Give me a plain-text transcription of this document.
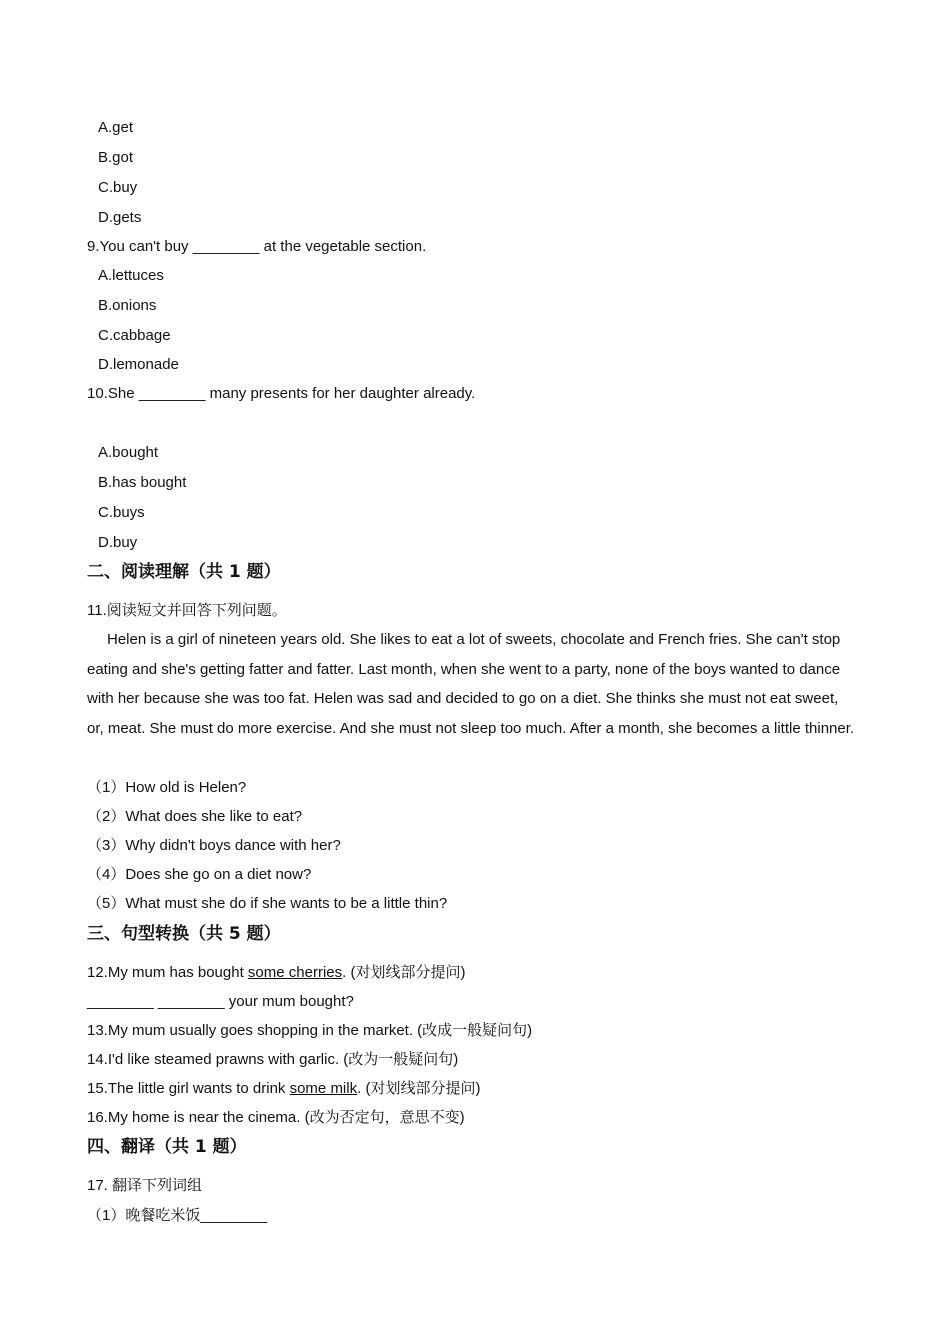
A.get
B.got
C.buy
D.gets
9.You can't buy ________ at the vegetable section.
A.lettuces
B.onions
C.cabbage
D.lemonade
10.She ________ many presents for her daughter already.
A.bought
B.has bought
C.buys
D.buy
二、阅读理解（共 1 题）
11.阅读短文并回答下列问题。
Helen is a girl of nineteen years old. She likes to eat a lot of sweets, chocolate and French fries. She can't stop eating and she's getting fatter and fatter. Last month, when she went to a party, none of the boys wanted to dance with her because she was too fat. Helen was sad and decided to go on a diet. She thinks she must not eat sweet, or, meat. She must do more exercise. And she must not sleep too much. After a month, she becomes a little thinner.
（1）How old is Helen?
（2）What does she like to eat?
（3）Why didn't boys dance with her?
（4）Does she go on a diet now?
（5）What must she do if she wants to be a little thin?
三、句型转换（共 5 题）
12.My mum has bought some cherries. (对划线部分提问)
________ ________ your mum bought?
13.My mum usually goes shopping in the market. (改成一般疑问句)
14.I'd like steamed prawns with garlic. (改为一般疑问句)
15.The little girl wants to drink some milk. (对划线部分提问)
16.My home is near the cinema. (改为否定句，意思不变)
四、翻译（共 1 题）
17. 翻译下列词组
（1）晚餐吃米饭________
